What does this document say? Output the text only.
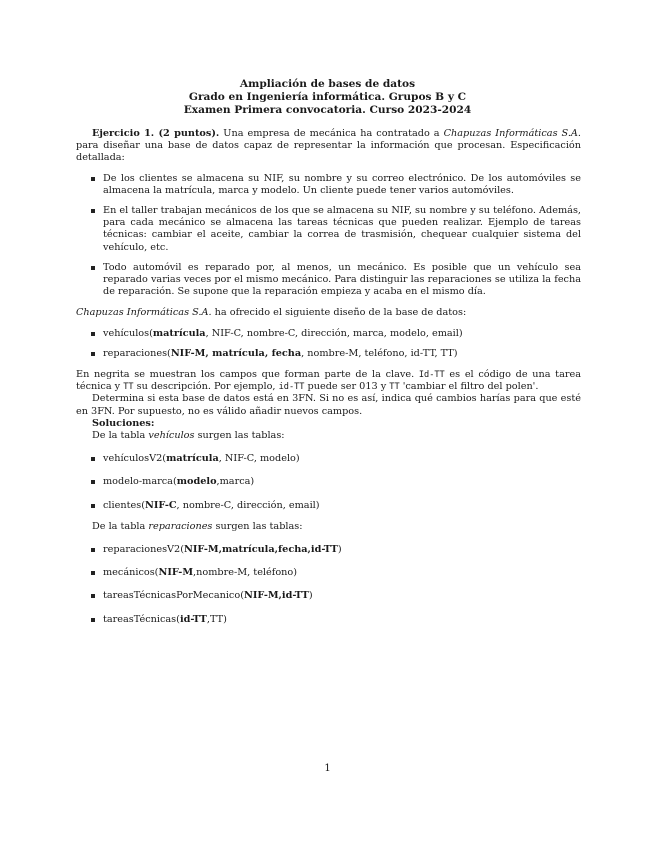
Ampliación de bases de datos
Grado en Ingeniería informática. Grupos B y C
Examen Primera convocatoria. Curso 2023-2024

Ejercicio 1. (2 puntos). Una empresa de mecánica ha contratado a Chapuzas Informáticas S.A. para diseñar una base de datos capaz de representar la información que procesan. Especificación detallada:

De los clientes se almacena su NIF, su nombre y su correo electrónico. De los automóviles se almacena la matrícula, marca y modelo. Un cliente puede tener varios automóviles.
En el taller trabajan mecánicos de los que se almacena su NIF, su nombre y su teléfono. Además, para cada mecánico se almacena las tareas técnicas que pueden realizar. Ejemplo de tareas técnicas: cambiar el aceite, cambiar la correa de trasmisión, chequear cualquier sistema del vehículo, etc.
Todo automóvil es reparado por, al menos, un mecánico. Es posible que un vehículo sea reparado varias veces por el mismo mecánico. Para distinguir las reparaciones se utiliza la fecha de reparación. Se supone que la reparación empieza y acaba en el mismo día.

Chapuzas Informáticas S.A. ha ofrecido el siguiente diseño de la base de datos:

vehículos(matrícula, NIF-C, nombre-C, dirección, marca, modelo, email)
reparaciones(NIF-M, matrícula, fecha, nombre-M, teléfono, id-TT, TT)

En negrita se muestran los campos que forman parte de la clave. Id-TT es el código de una tarea técnica y TT su descripción. Por ejemplo, id-TT puede ser 013 y TT 'cambiar el filtro del polen'.

Determina si esta base de datos está en 3FN. Si no es así, indica qué cambios harías para que esté en 3FN. Por supuesto, no es válido añadir nuevos campos.

Soluciones:

De la tabla vehículos surgen las tablas:

vehículosV2(matrícula, NIF-C, modelo)
modelo-marca(modelo,marca)
clientes(NIF-C, nombre-C, dirección, email)

De la tabla reparaciones surgen las tablas:

reparacionesV2(NIF-M,matrícula,fecha,id-TT)
mecánicos(NIF-M,nombre-M, teléfono)
tareasTécnicasPorMecanico(NIF-M,id-TT)
tareasTécnicas(id-TT,TT)
1
